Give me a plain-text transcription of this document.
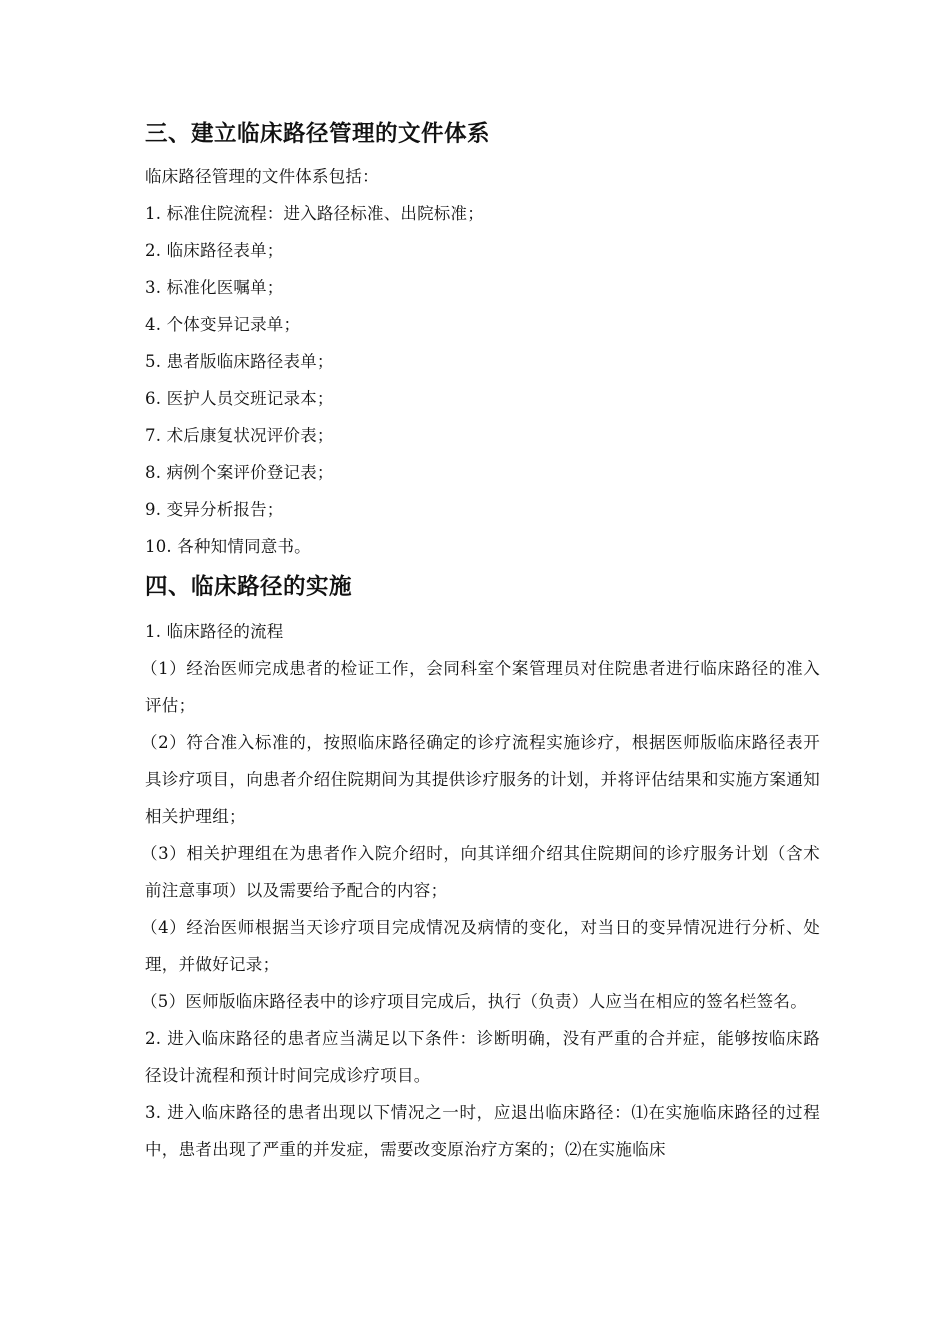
三、建立临床路径管理的文件体系

临床路径管理的文件体系包括：

1. 标准住院流程：进入路径标准、出院标准；

2. 临床路径表单；

3. 标准化医嘱单；

4. 个体变异记录单；

5. 患者版临床路径表单；

6. 医护人员交班记录本；

7. 术后康复状况评价表；

8. 病例个案评价登记表；

9. 变异分析报告；

10. 各种知情同意书。

四、临床路径的实施

1. 临床路径的流程

（1）经治医师完成患者的检证工作，会同科室个案管理员对住院患者进行临床路径的准入评估；

（2）符合准入标准的，按照临床路径确定的诊疗流程实施诊疗，根据医师版临床路径表开具诊疗项目，向患者介绍住院期间为其提供诊疗服务的计划，并将评估结果和实施方案通知相关护理组；

（3）相关护理组在为患者作入院介绍时，向其详细介绍其住院期间的诊疗服务计划（含术前注意事项）以及需要给予配合的内容；

（4）经治医师根据当天诊疗项目完成情况及病情的变化，对当日的变异情况进行分析、处理，并做好记录；

（5）医师版临床路径表中的诊疗项目完成后，执行（负责）人应当在相应的签名栏签名。

2. 进入临床路径的患者应当满足以下条件：诊断明确，没有严重的合并症，能够按临床路径设计流程和预计时间完成诊疗项目。

3. 进入临床路径的患者出现以下情况之一时，应退出临床路径：⑴在实施临床路径的过程中，患者出现了严重的并发症，需要改变原治疗方案的；⑵在实施临床
